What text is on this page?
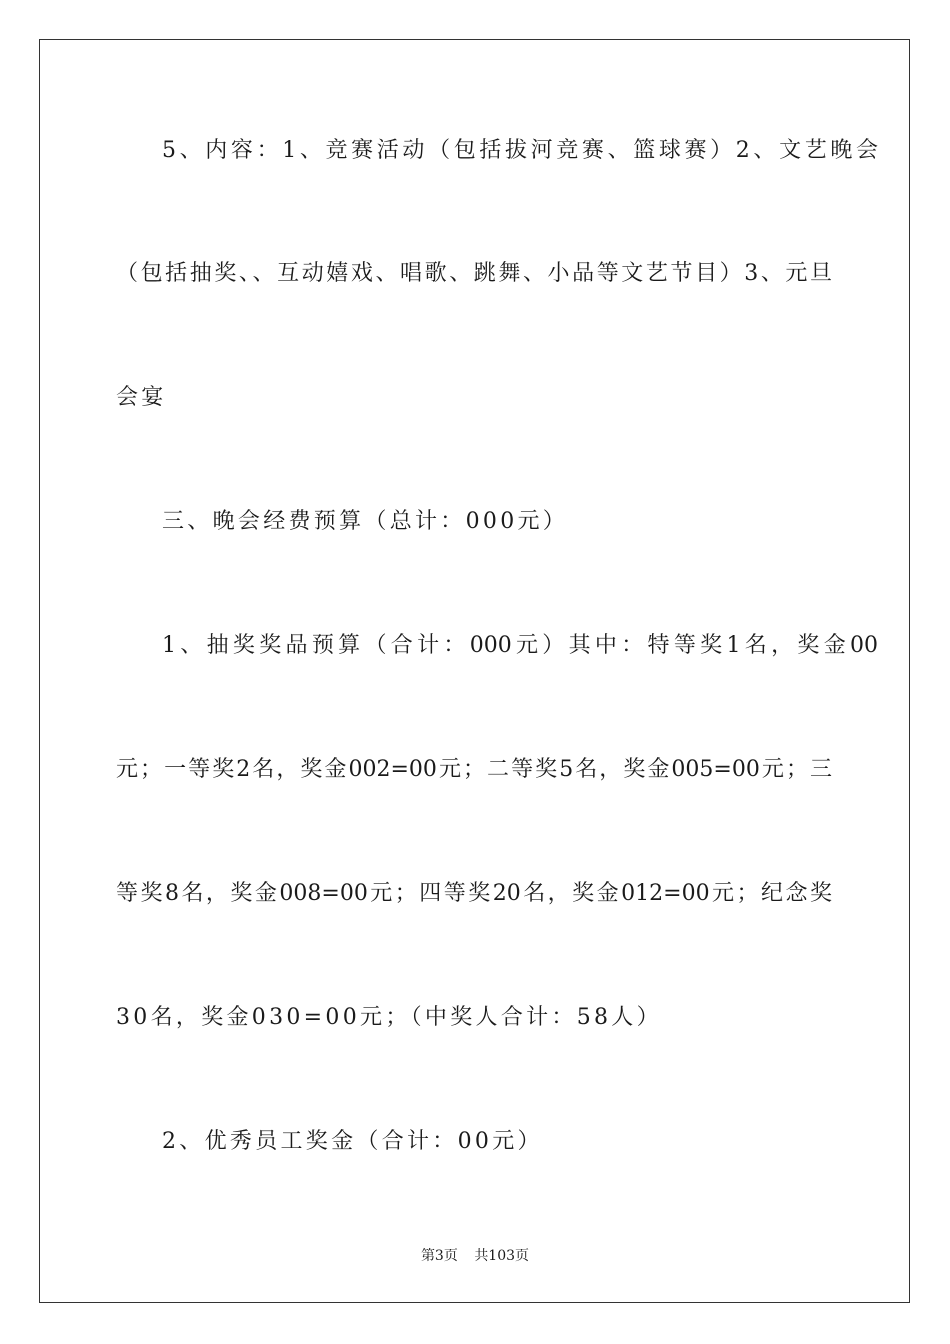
5、内容：1、竞赛活动（包括拔河竞赛、篮球赛）2、文艺晚会
（包括抽奖、、互动嬉戏、唱歌、跳舞、小品等文艺节目）3、元旦
会宴
三、晚会经费预算（总计：000元）
1、抽奖奖品预算（合计：000元）其中：特等奖1名，奖金00
元；一等奖2名，奖金002=00元；二等奖5名，奖金005=00元；三
等奖8名，奖金008=00元；四等奖20名，奖金012=00元；纪念奖
30名，奖金030=00元；（中奖人合计：58人）
2、优秀员工奖金（合计：00元）
第3页 共103页
